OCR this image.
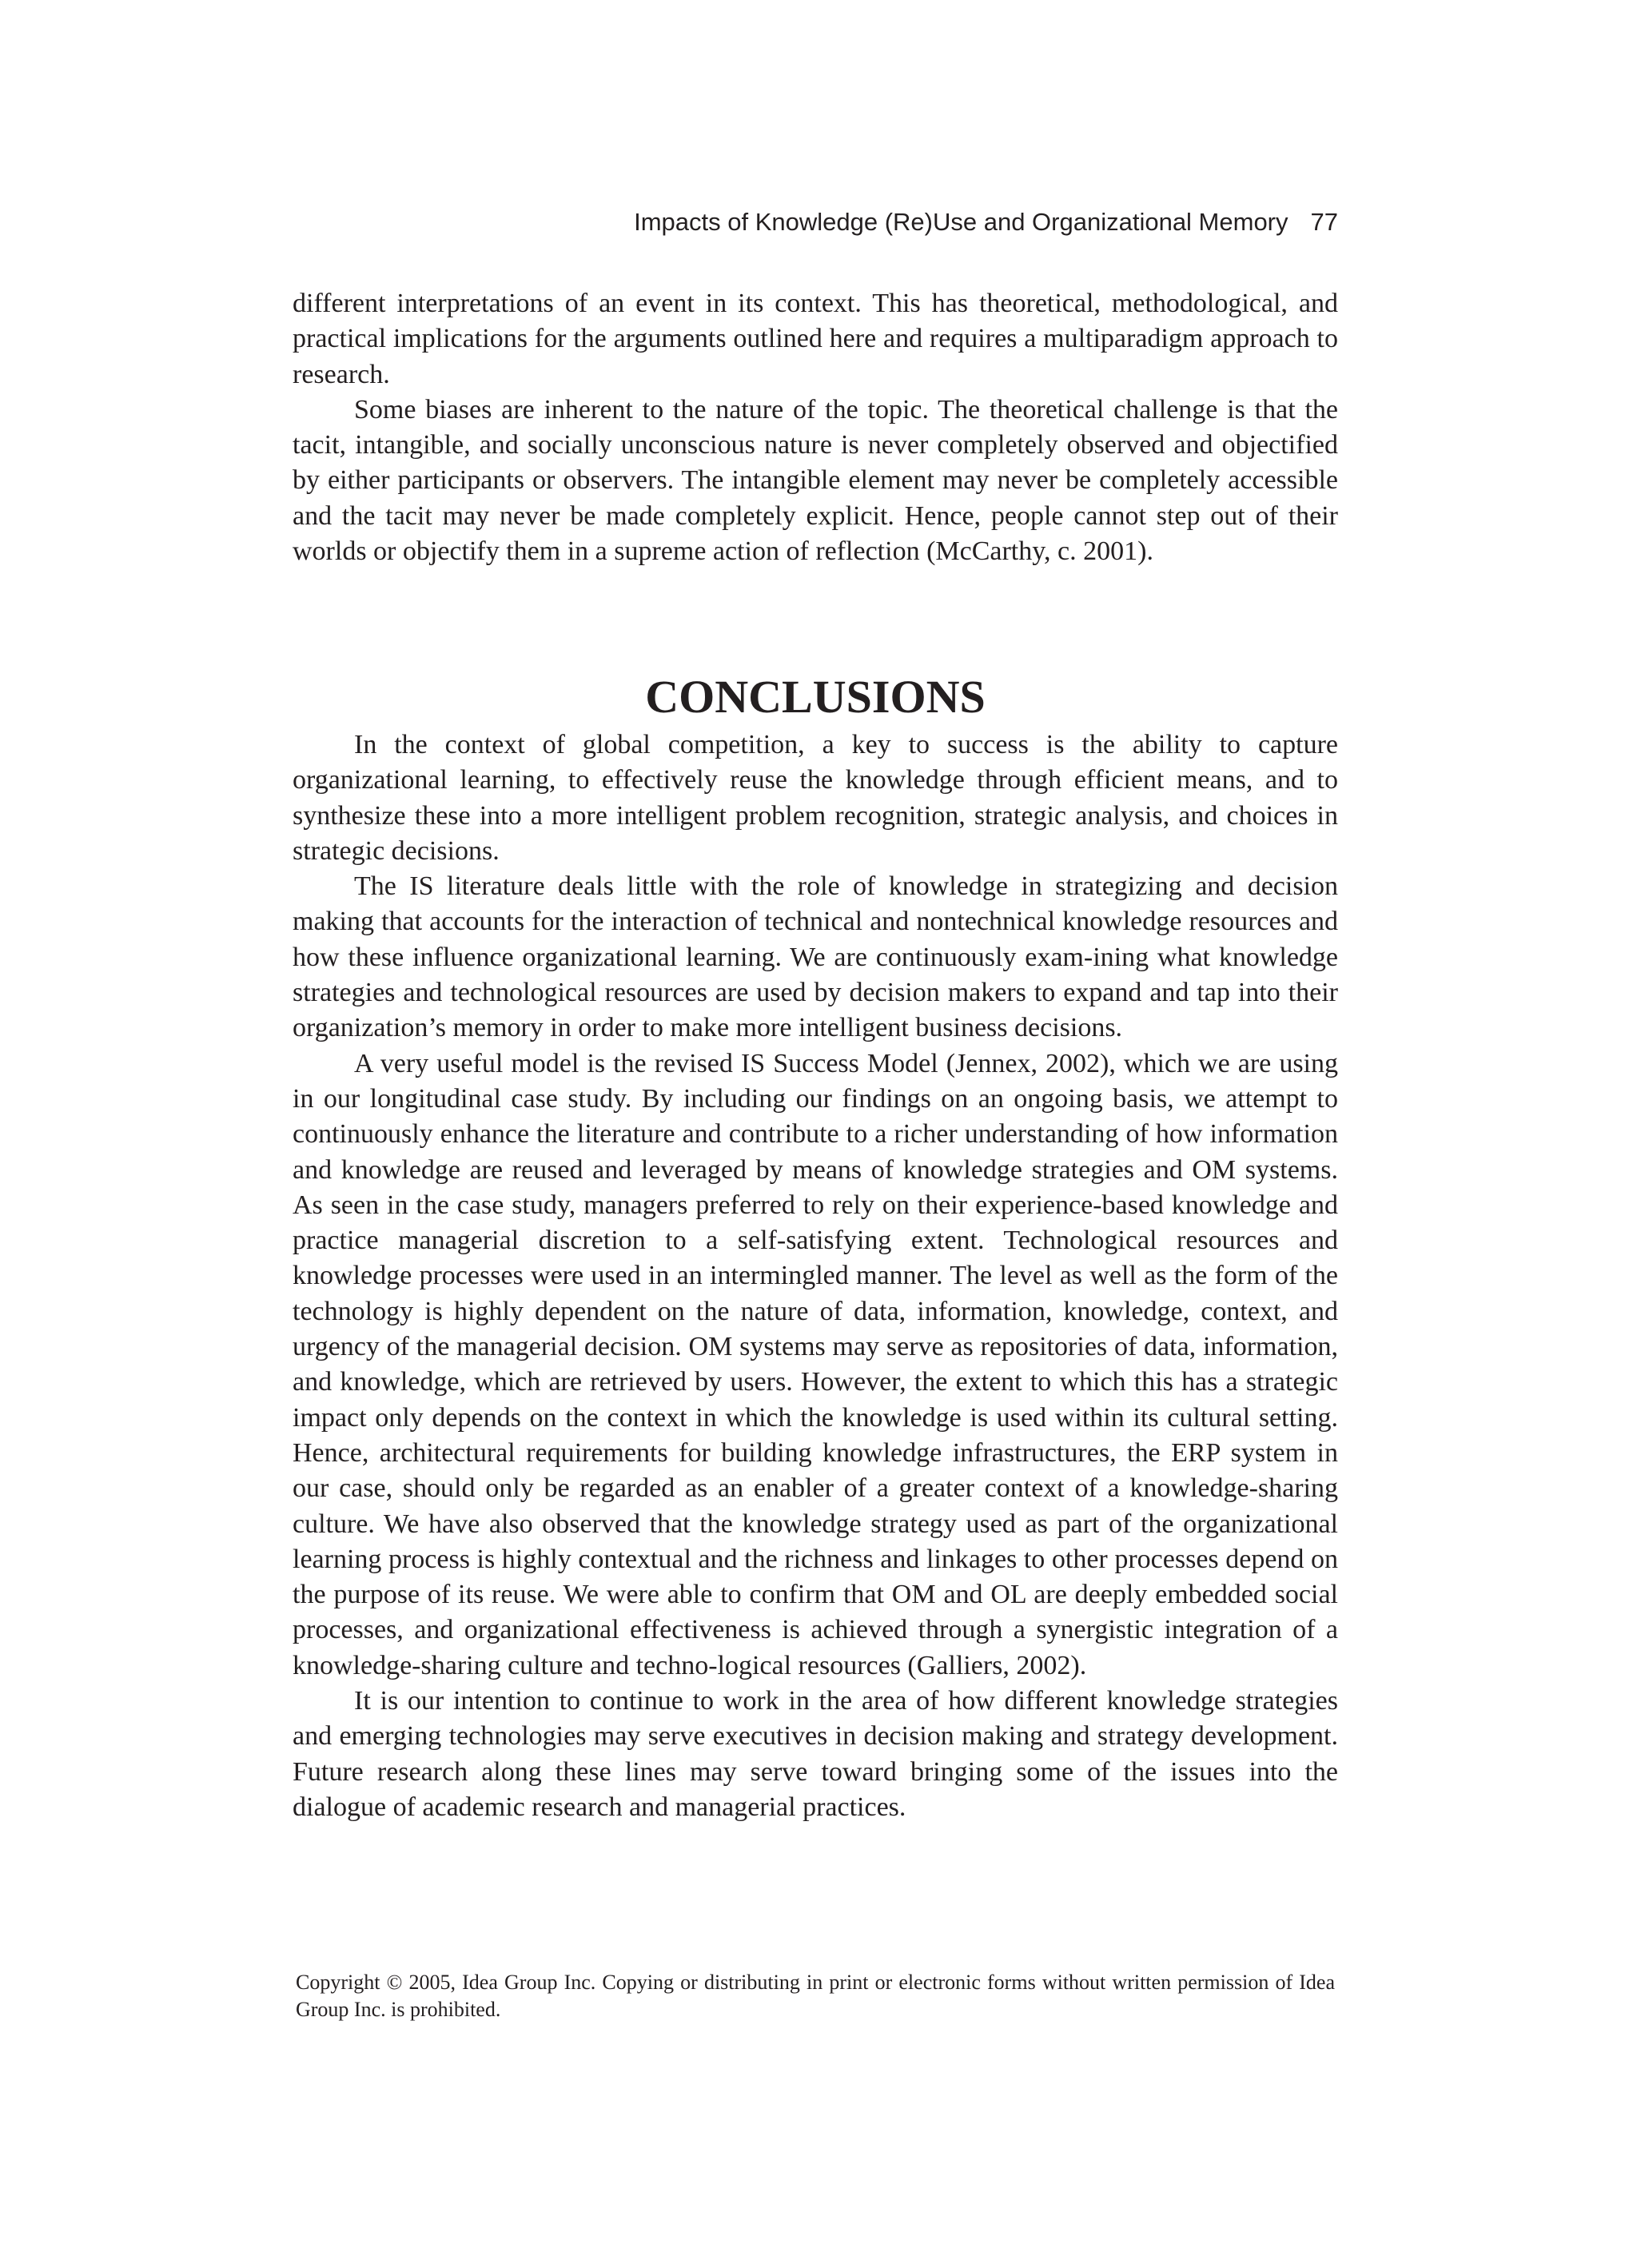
Impacts of Knowledge (Re)Use and Organizational Memory 77

different interpretations of an event in its context. This has theoretical, methodological, and practical implications for the arguments outlined here and requires a multiparadigm approach to research.

Some biases are inherent to the nature of the topic. The theoretical challenge is that the tacit, intangible, and socially unconscious nature is never completely observed and objectified by either participants or observers. The intangible element may never be completely accessible and the tacit may never be made completely explicit. Hence, people cannot step out of their worlds or objectify them in a supreme action of reflection (McCarthy, c. 2001).

CONCLUSIONS

In the context of global competition, a key to success is the ability to capture organizational learning, to effectively reuse the knowledge through efficient means, and to synthesize these into a more intelligent problem recognition, strategic analysis, and choices in strategic decisions.

The IS literature deals little with the role of knowledge in strategizing and decision making that accounts for the interaction of technical and nontechnical knowledge resources and how these influence organizational learning. We are continuously exam-ining what knowledge strategies and technological resources are used by decision makers to expand and tap into their organization’s memory in order to make more intelligent business decisions.

A very useful model is the revised IS Success Model (Jennex, 2002), which we are using in our longitudinal case study. By including our findings on an ongoing basis, we attempt to continuously enhance the literature and contribute to a richer understanding of how information and knowledge are reused and leveraged by means of knowledge strategies and OM systems. As seen in the case study, managers preferred to rely on their experience-based knowledge and practice managerial discretion to a self-satisfying extent. Technological resources and knowledge processes were used in an intermingled manner. The level as well as the form of the technology is highly dependent on the nature of data, information, knowledge, context, and urgency of the managerial decision. OM systems may serve as repositories of data, information, and knowledge, which are retrieved by users. However, the extent to which this has a strategic impact only depends on the context in which the knowledge is used within its cultural setting. Hence, architectural requirements for building knowledge infrastructures, the ERP system in our case, should only be regarded as an enabler of a greater context of a knowledge-sharing culture. We have also observed that the knowledge strategy used as part of the organizational learning process is highly contextual and the richness and linkages to other processes depend on the purpose of its reuse. We were able to confirm that OM and OL are deeply embedded social processes, and organizational effectiveness is achieved through a synergistic integration of a knowledge-sharing culture and techno-logical resources (Galliers, 2002).

It is our intention to continue to work in the area of how different knowledge strategies and emerging technologies may serve executives in decision making and strategy development. Future research along these lines may serve toward bringing some of the issues into the dialogue of academic research and managerial practices.

Copyright © 2005, Idea Group Inc. Copying or distributing in print or electronic forms without written permission of Idea Group Inc. is prohibited.
